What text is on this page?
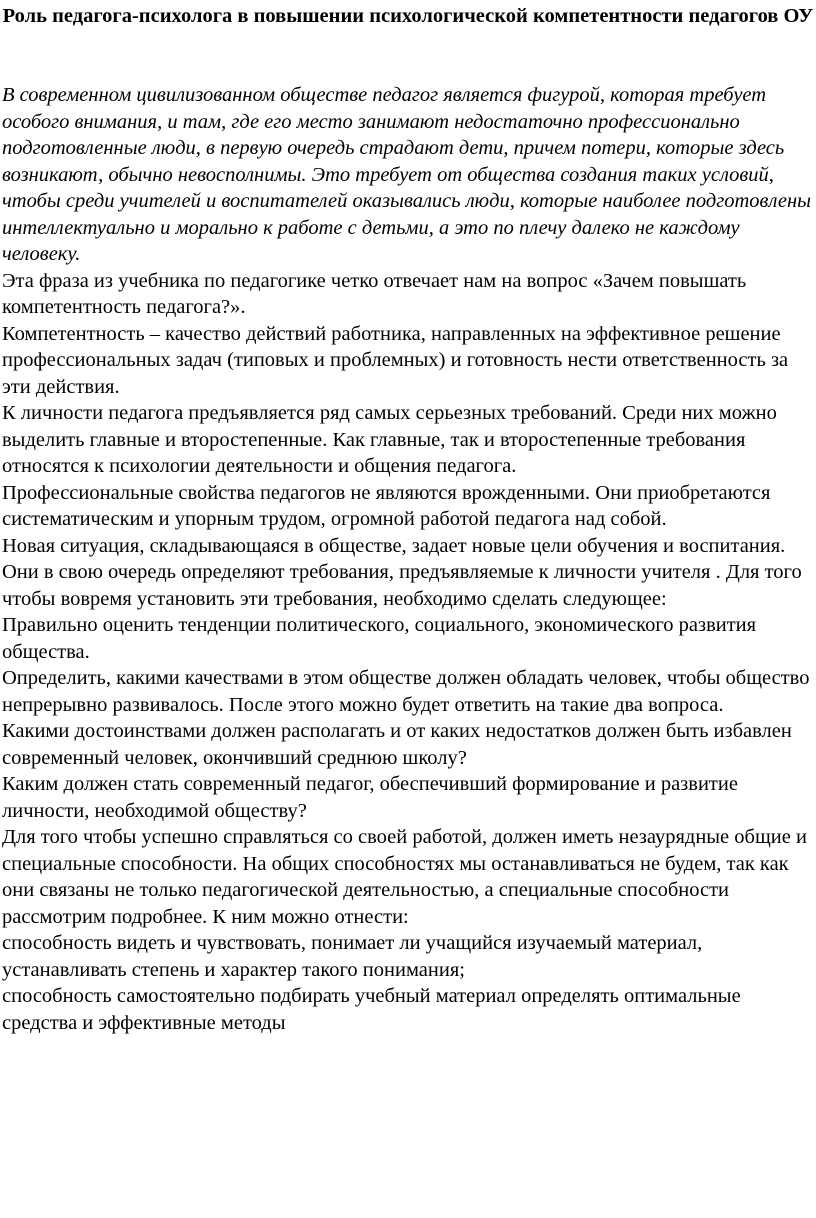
Роль педагога-психолога в повышении психологической компетентности педагогов ОУ

В современном цивилизованном обществе педагог является фигурой, которая требует особого внимания, и там, где его место занимают недостаточно профессионально подготовленные люди, в первую очередь страдают дети, причем потери, которые здесь возникают, обычно невосполнимы. Это требует от общества создания таких условий, чтобы среди учителей и воспитателей оказывались люди, которые наиболее подготовлены интеллектуально и морально к работе с детьми, а это по плечу далеко не каждому человеку.

Эта фраза из учебника по педагогике четко отвечает нам на вопрос «Зачем повышать компетентность педагога?».

Компетентность – качество действий работника, направленных на эффективное решение профессиональных задач (типовых и проблемных) и готовность нести ответственность за эти действия.

К личности педагога предъявляется ряд самых серьезных требований. Среди них можно выделить главные и второстепенные. Как главные, так и второстепенные требования относятся к психологии деятельности и общения педагога.

Профессиональные свойства педагогов не являются врожденными. Они приобретаются систематическим и упорным трудом, огромной работой педагога над собой.

Новая ситуация, складывающаяся в обществе, задает новые цели обучения и воспитания. Они в свою очередь определяют требования, предъявляемые к личности учителя . Для того чтобы вовремя установить эти требования, необходимо сделать следующее:

Правильно оценить тенденции политического, социального, экономического развития общества.

Определить, какими качествами в этом обществе должен обладать человек, чтобы общество непрерывно развивалось. После этого можно будет ответить на такие два вопроса.

Какими достоинствами должен располагать и от каких недостатков должен быть избавлен современный человек, окончивший среднюю школу?

Каким должен стать современный педагог, обеспечивший формирование и развитие личности, необходимой обществу?

Для того чтобы успешно справляться со своей работой, должен иметь незаурядные общие и специальные способности. На общих способностях мы останавливаться не будем, так как они связаны не только педагогической деятельностью, а специальные способности рассмотрим подробнее. К ним можно отнести:

способность видеть и чувствовать, понимает ли учащийся изучаемый материал, устанавливать степень и характер такого понимания;

способность самостоятельно подбирать учебный материал определять оптимальные средства и эффективные методы
